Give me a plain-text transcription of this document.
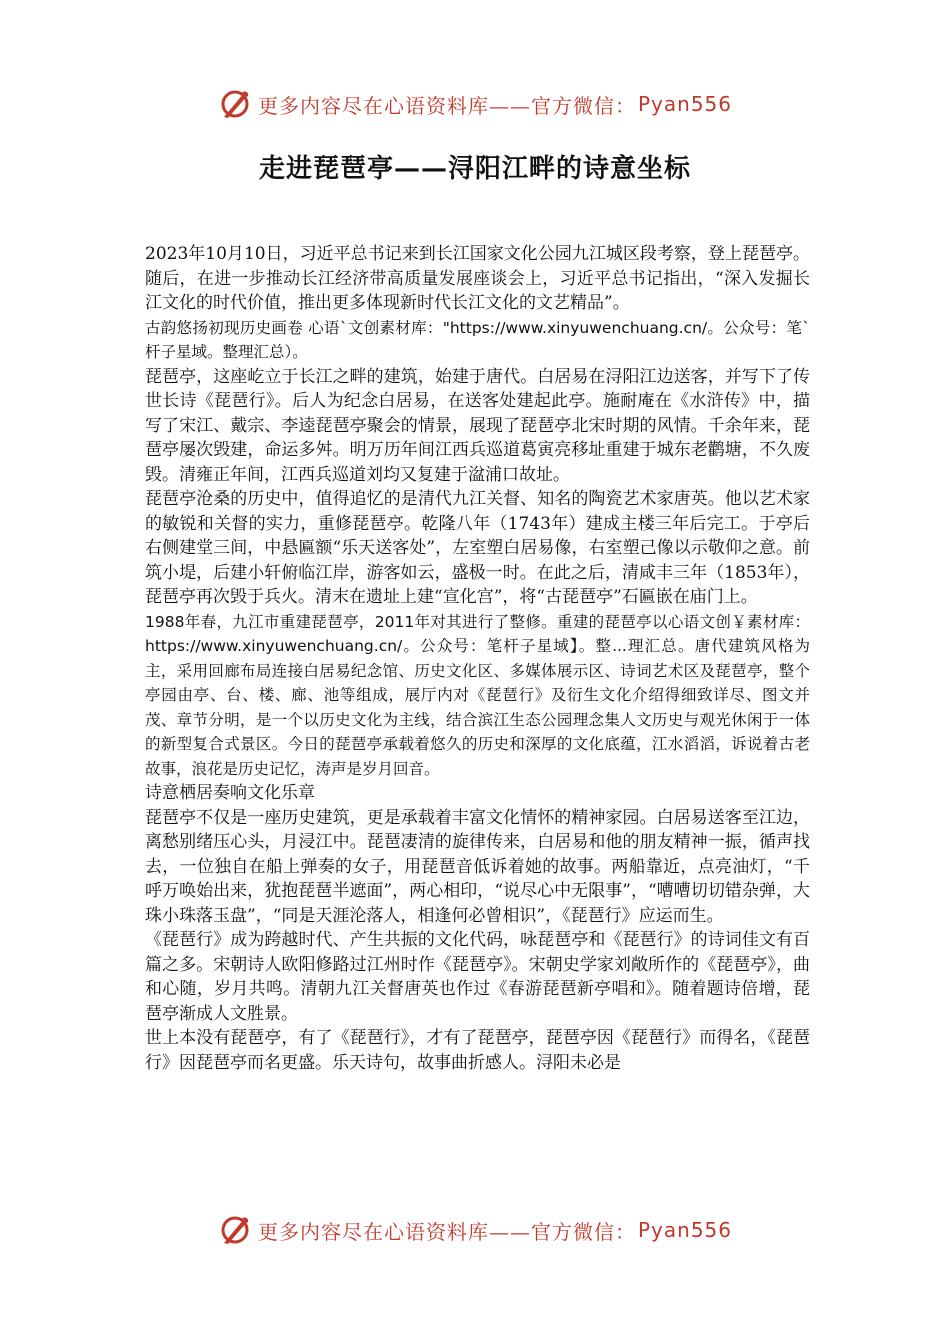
更多内容尽在心语资料库——官方微信： Pyan556
走进琵琶亭——浔阳江畔的诗意坐标

2023年10月10日，习近平总书记来到长江国家文化公园九江城区段考察，登上琵琶亭。随后，在进一步推动长江经济带高质量发展座谈会上，习近平总书记指出，“深入发掘长江文化的时代价值，推出更多体现新时代长江文化的文艺精品”。

古韵悠扬初现历史画卷 心语`文创素材库："https://www.xinyuwenchuang.cn/。公众号：笔`杆子星域。整理汇总）。

琵琶亭，这座屹立于长江之畔的建筑，始建于唐代。白居易在浔阳江边送客，并写下了传世长诗《琵琶行》。后人为纪念白居易，在送客处建起此亭。施耐庵在《水浒传》中，描写了宋江、戴宗、李逵琵琶亭聚会的情景，展现了琵琶亭北宋时期的风情。千余年来，琵琶亭屡次毁建，命运多舛。明万历年间江西兵巡道葛寅亮移址重建于城东老鹳塘，不久废毁。清雍正年间，江西兵巡道刘均又复建于湓浦口故址。

琵琶亭沧桑的历史中，值得追忆的是清代九江关督、知名的陶瓷艺术家唐英。他以艺术家的敏锐和关督的实力，重修琵琶亭。乾隆八年（1743年）建成主楼三年后完工。于亭后右侧建堂三间，中悬匾额“乐天送客处”，左室塑白居易像，右室塑己像以示敬仰之意。前筑小堤，后建小轩俯临江岸，游客如云，盛极一时。在此之后，清咸丰三年（1853年），琵琶亭再次毁于兵火。清末在遗址上建“宣化宫”，将“古琵琶亭”石匾嵌在庙门上。

1988年春，九江市重建琵琶亭，2011年对其进行了整修。重建的琵琶亭以心语文创￥素材库：https://www.xinyuwenchuang.cn/。公众号：笔杆子星域】。整...理汇总。唐代建筑风格为主，采用回廊布局连接白居易纪念馆、历史文化区、多媒体展示区、诗词艺术区及琵琶亭，整个亭园由亭、台、楼、廊、池等组成，展厅内对《琵琶行》及衍生文化介绍得细致详尽、图文并茂、章节分明，是一个以历史文化为主线，结合滨江生态公园理念集人文历史与观光休闲于一体的新型复合式景区。今日的琵琶亭承载着悠久的历史和深厚的文化底蕴，江水滔滔，诉说着古老故事，浪花是历史记忆，涛声是岁月回音。

诗意栖居奏响文化乐章

琵琶亭不仅是一座历史建筑，更是承载着丰富文化情怀的精神家园。白居易送客至江边，离愁别绪压心头，月浸江中。琵琶凄清的旋律传来，白居易和他的朋友精神一振，循声找去，一位独自在船上弹奏的女子，用琵琶音低诉着她的故事。两船靠近，点亮油灯，“千呼万唤始出来，犹抱琵琶半遮面”，两心相印，“说尽心中无限事”，“嘈嘈切切错杂弹，大珠小珠落玉盘”，“同是天涯沦落人，相逢何必曾相识”，《琵琶行》应运而生。

《琵琶行》成为跨越时代、产生共振的文化代码，咏琵琶亭和《琵琶行》的诗词佳文有百篇之多。宋朝诗人欧阳修路过江州时作《琵琶亭》。宋朝史学家刘敞所作的《琵琶亭》，曲和心随，岁月共鸣。清朝九江关督唐英也作过《春游琵琶新亭唱和》。随着题诗倍增，琵琶亭渐成人文胜景。

世上本没有琵琶亭，有了《琵琶行》，才有了琵琶亭，琵琶亭因《琵琶行》而得名，《琵琶行》因琵琶亭而名更盛。乐天诗句，故事曲折感人。浔阳未必是

更多内容尽在心语资料库——官方微信： Pyan556
